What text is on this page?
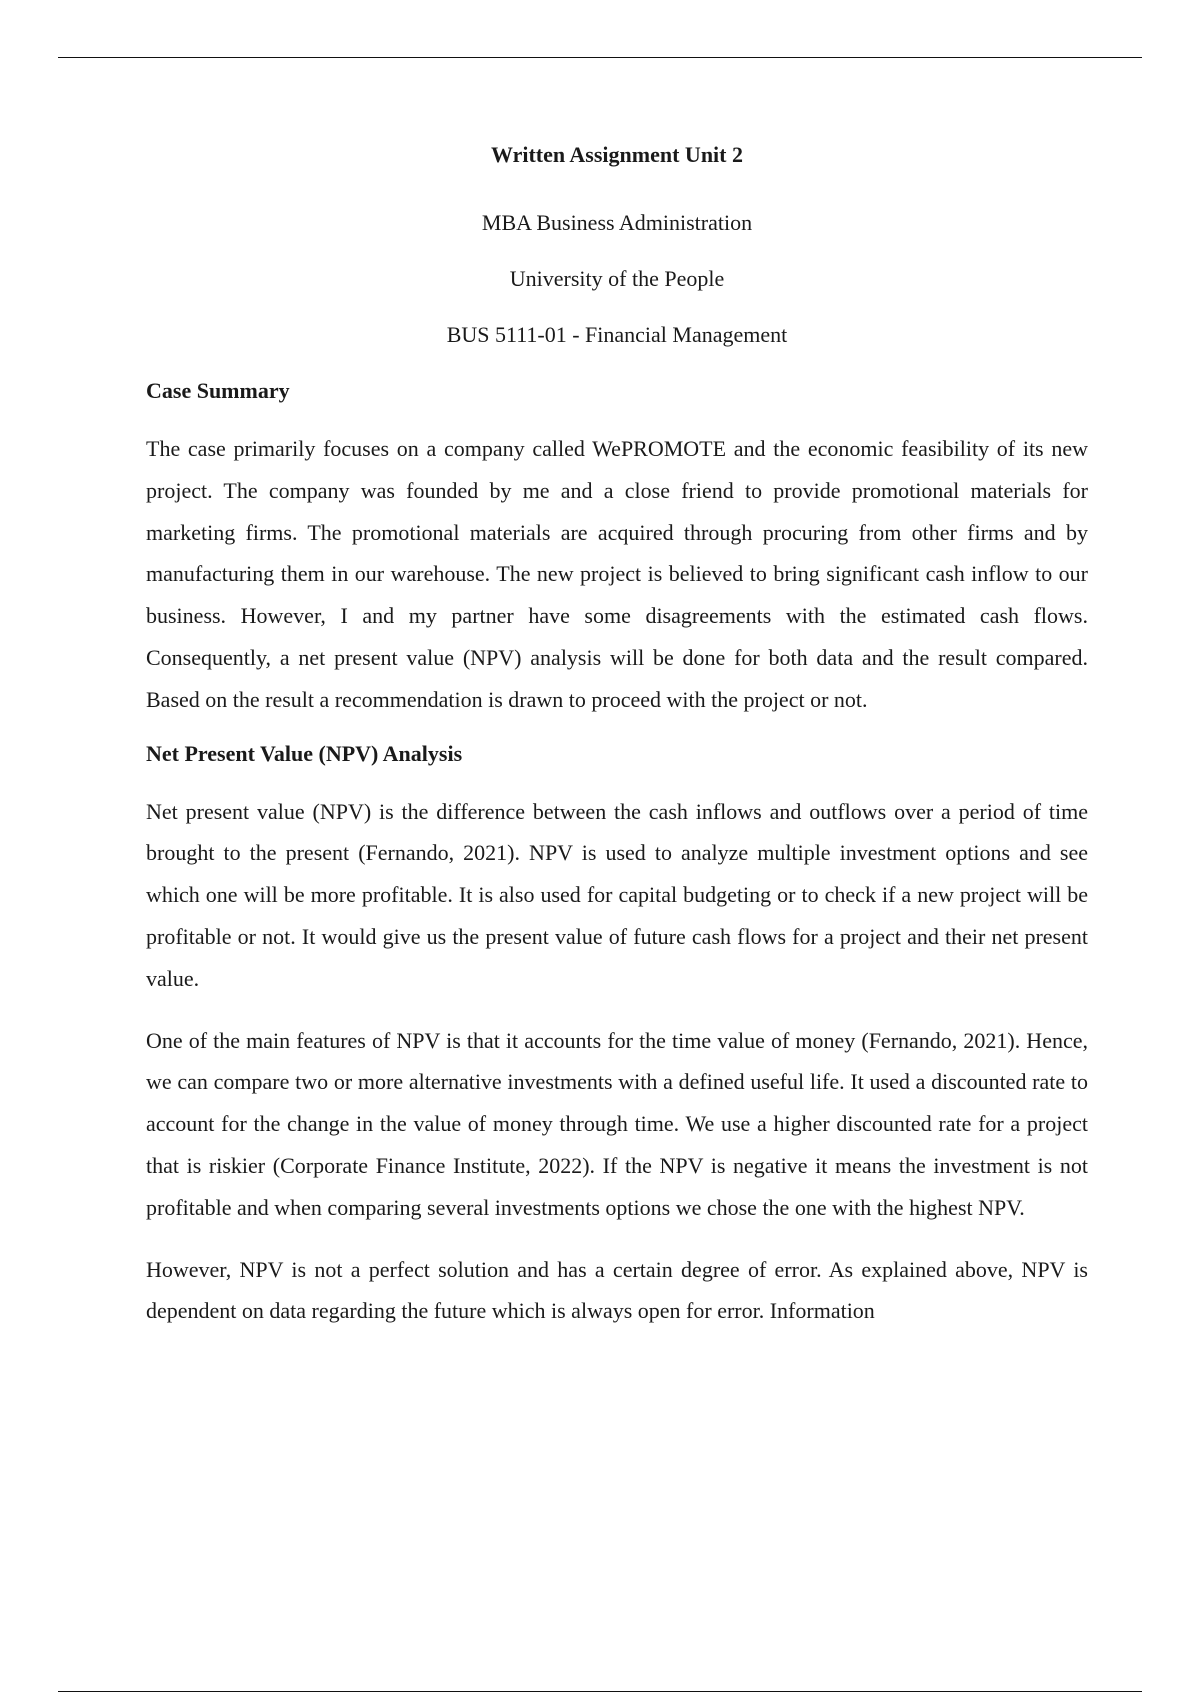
Written Assignment Unit 2

MBA Business Administration

University of the People

BUS 5111-01 - Financial Management

Case Summary

The case primarily focuses on a company called WePROMOTE and the economic feasibility of its new project. The company was founded by me and a close friend to provide promotional materials for marketing firms. The promotional materials are acquired through procuring from other firms and by manufacturing them in our warehouse. The new project is believed to bring significant cash inflow to our business. However, I and my partner have some disagreements with the estimated cash flows. Consequently, a net present value (NPV) analysis will be done for both data and the result compared. Based on the result a recommendation is drawn to proceed with the project or not.

Net Present Value (NPV) Analysis

Net present value (NPV) is the difference between the cash inflows and outflows over a period of time brought to the present (Fernando, 2021). NPV is used to analyze multiple investment options and see which one will be more profitable. It is also used for capital budgeting or to check if a new project will be profitable or not. It would give us the present value of future cash flows for a project and their net present value.

One of the main features of NPV is that it accounts for the time value of money (Fernando, 2021). Hence, we can compare two or more alternative investments with a defined useful life. It used a discounted rate to account for the change in the value of money through time. We use a higher discounted rate for a project that is riskier (Corporate Finance Institute, 2022). If the NPV is negative it means the investment is not profitable and when comparing several investments options we chose the one with the highest NPV.

However, NPV is not a perfect solution and has a certain degree of error. As explained above, NPV is dependent on data regarding the future which is always open for error. Information
